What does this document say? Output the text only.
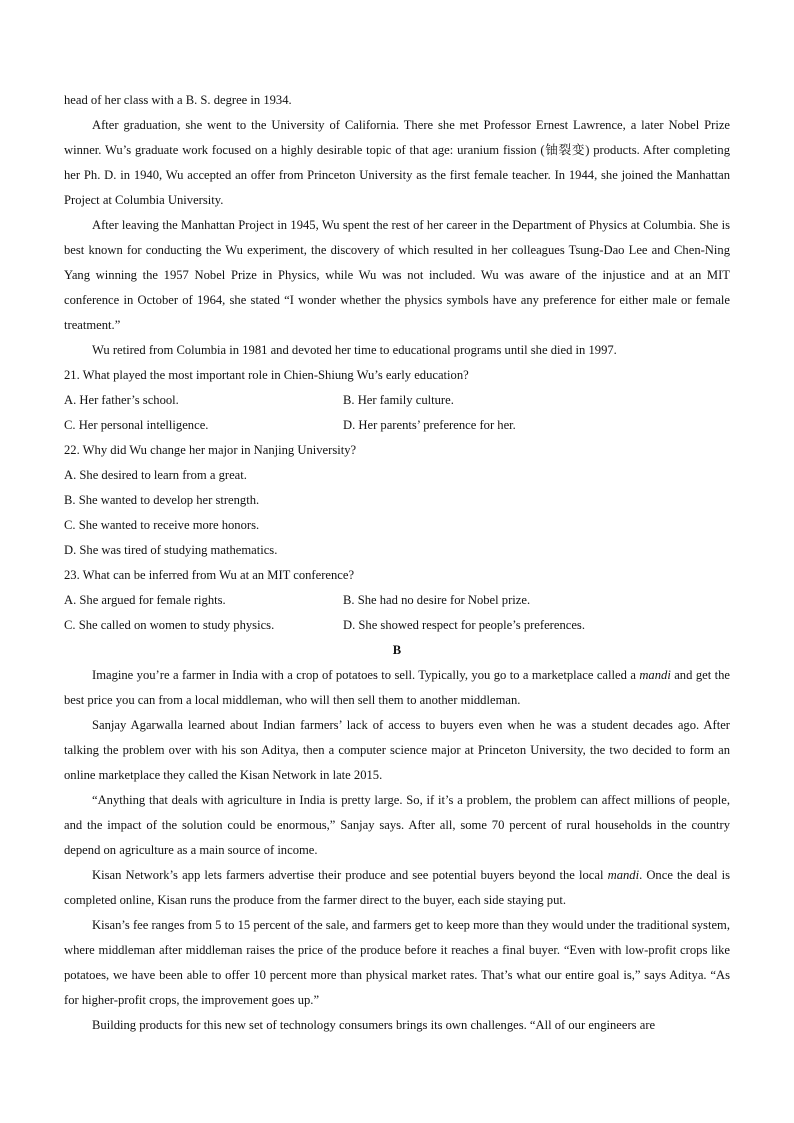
head of her class with a B. S. degree in 1934.

After graduation, she went to the University of California. There she met Professor Ernest Lawrence, a later Nobel Prize winner. Wu’s graduate work focused on a highly desirable topic of that age: uranium fission (铀裂变) products. After completing her Ph. D. in 1940, Wu accepted an offer from Princeton University as the first female teacher. In 1944, she joined the Manhattan Project at Columbia University.

After leaving the Manhattan Project in 1945, Wu spent the rest of her career in the Department of Physics at Columbia. She is best known for conducting the Wu experiment, the discovery of which resulted in her colleagues Tsung-Dao Lee and Chen-Ning Yang winning the 1957 Nobel Prize in Physics, while Wu was not included. Wu was aware of the injustice and at an MIT conference in October of 1964, she stated “I wonder whether the physics symbols have any preference for either male or female treatment.”

Wu retired from Columbia in 1981 and devoted her time to educational programs until she died in 1997.

21. What played the most important role in Chien-Shiung Wu’s early education?

A. Her father’s school.	B. Her family culture.

C. Her personal intelligence.	D. Her parents’ preference for her.

22. Why did Wu change her major in Nanjing University?

A. She desired to learn from a great.

B. She wanted to develop her strength.

C. She wanted to receive more honors.

D. She was tired of studying mathematics.

23. What can be inferred from Wu at an MIT conference?

A. She argued for female rights.	B. She had no desire for Nobel prize.

C. She called on women to study physics.	D. She showed respect for people’s preferences.

B

Imagine you’re a farmer in India with a crop of potatoes to sell. Typically, you go to a marketplace called a mandi and get the best price you can from a local middleman, who will then sell them to another middleman.

Sanjay Agarwalla learned about Indian farmers’ lack of access to buyers even when he was a student decades ago. After talking the problem over with his son Aditya, then a computer science major at Princeton University, the two decided to form an online marketplace they called the Kisan Network in late 2015.

“Anything that deals with agriculture in India is pretty large. So, if it’s a problem, the problem can affect millions of people, and the impact of the solution could be enormous,” Sanjay says. After all, some 70 percent of rural households in the country depend on agriculture as a main source of income.

Kisan Network’s app lets farmers advertise their produce and see potential buyers beyond the local mandi. Once the deal is completed online, Kisan runs the produce from the farmer direct to the buyer, each side staying put.

Kisan’s fee ranges from 5 to 15 percent of the sale, and farmers get to keep more than they would under the traditional system, where middleman after middleman raises the price of the produce before it reaches a final buyer. “Even with low-profit crops like potatoes, we have been able to offer 10 percent more than physical market rates. That’s what our entire goal is,” says Aditya. “As for higher-profit crops, the improvement goes up.”

Building products for this new set of technology consumers brings its own challenges. “All of our engineers are
